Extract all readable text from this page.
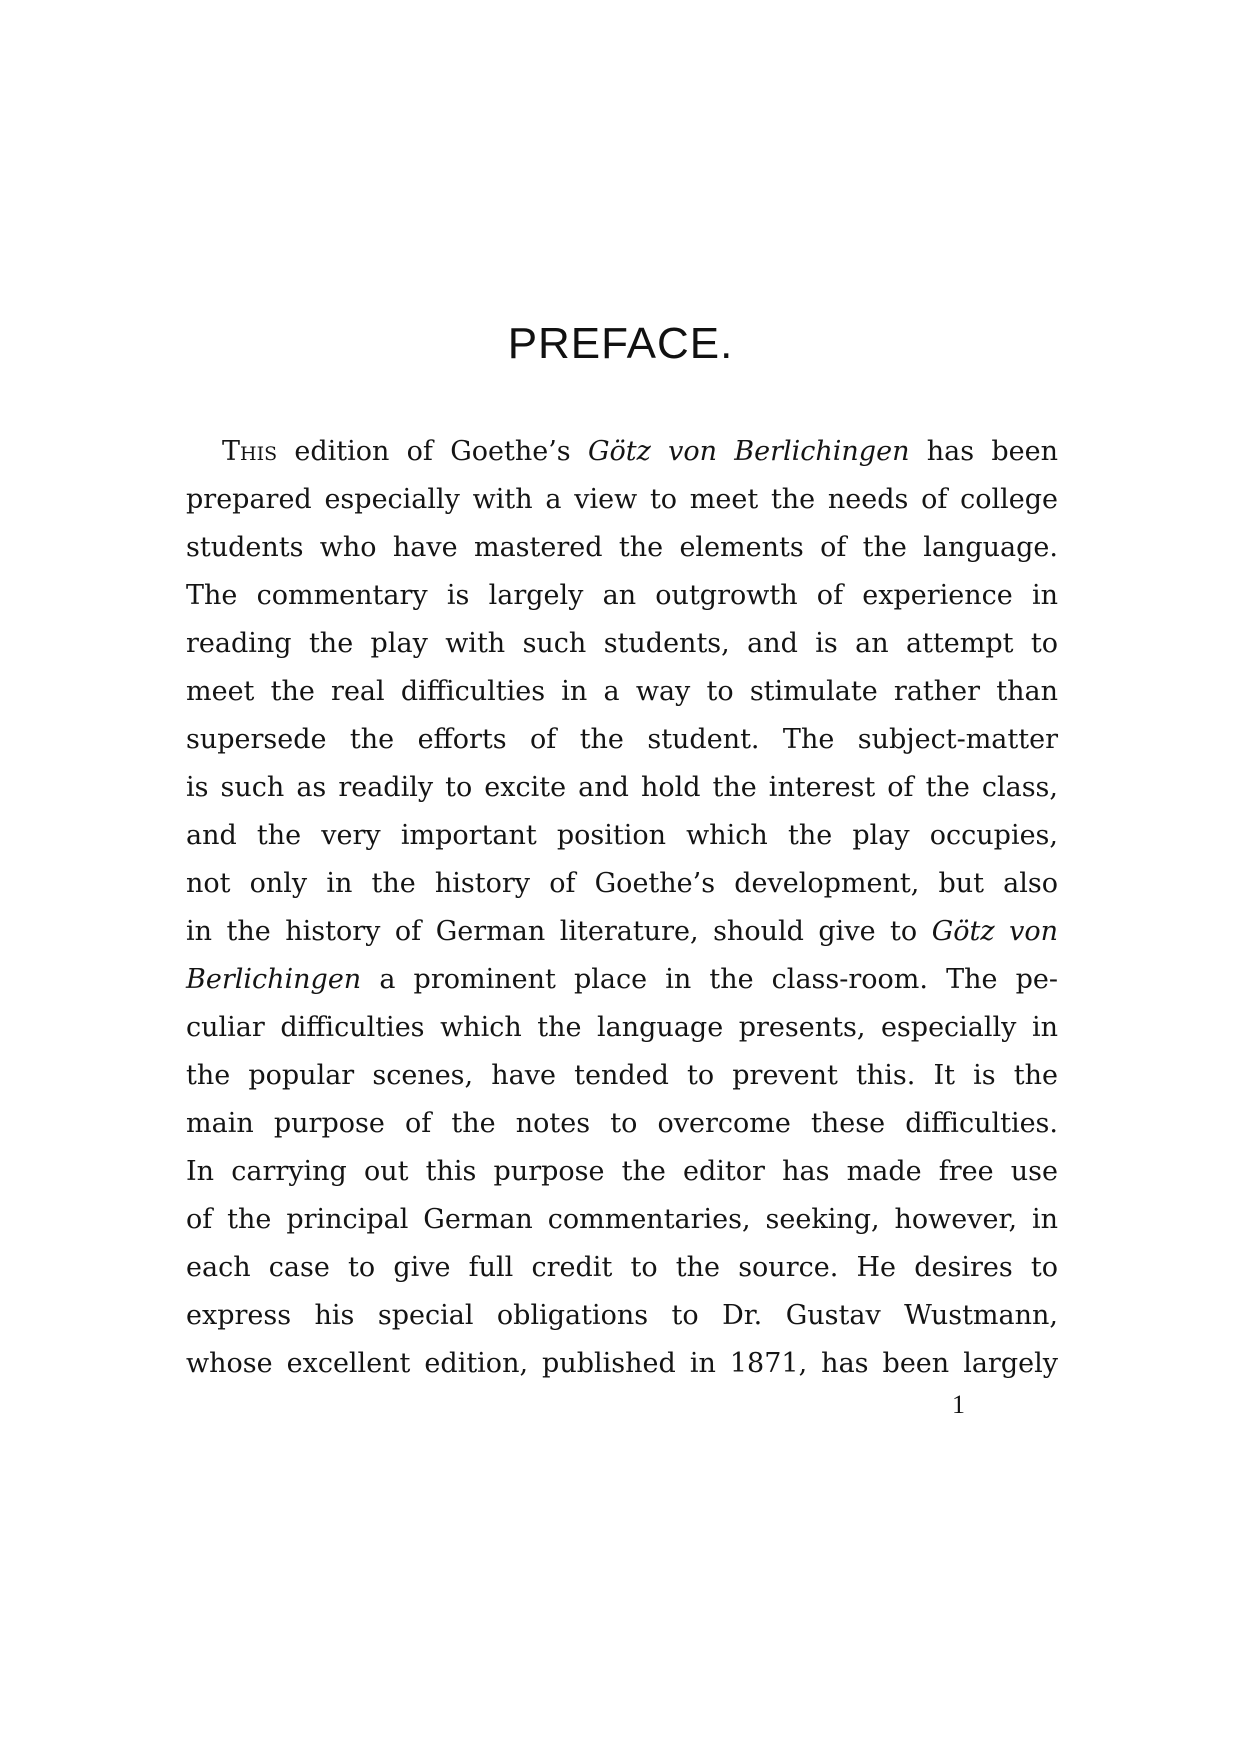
PREFACE.
This edition of Goethe’s Götz von Berlichingen has been
prepared especially with a view to meet the needs of college
students who have mastered the elements of the language.
The commentary is largely an outgrowth of experience in
reading the play with such students, and is an attempt to
meet the real difficulties in a way to stimulate rather than
supersede the efforts of the student. The subject-matter
is such as readily to excite and hold the interest of the class,
and the very important position which the play occupies,
not only in the history of Goethe’s development, but also
in the history of German literature, should give to Götz von
Berlichingen a prominent place in the class-room. The pe-
culiar difficulties which the language presents, especially in
the popular scenes, have tended to prevent this. It is the
main purpose of the notes to overcome these difficulties.
In carrying out this purpose the editor has made free use
of the principal German commentaries, seeking, however, in
each case to give full credit to the source. He desires to
express his special obligations to Dr. Gustav Wustmann,
whose excellent edition, published in 1871, has been largely
1
